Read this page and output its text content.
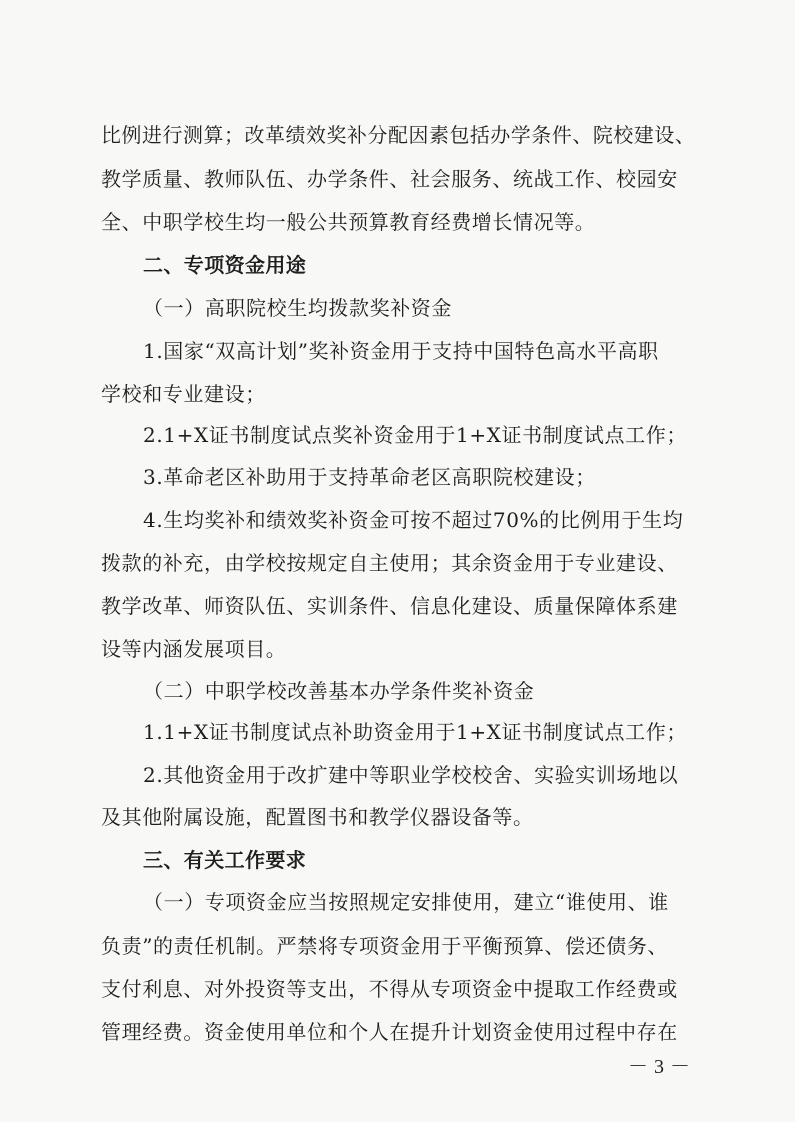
比例进行测算；改革绩效奖补分配因素包括办学条件、院校建设、
教学质量、教师队伍、办学条件、社会服务、统战工作、校园安
全、中职学校生均一般公共预算教育经费增长情况等。
二、专项资金用途
（一）高职院校生均拨款奖补资金
1.国家“双高计划”奖补资金用于支持中国特色高水平高职
学校和专业建设；
2.1+X证书制度试点奖补资金用于1+X证书制度试点工作；
3.革命老区补助用于支持革命老区高职院校建设；
4.生均奖补和绩效奖补资金可按不超过70%的比例用于生均
拨款的补充，由学校按规定自主使用；其余资金用于专业建设、
教学改革、师资队伍、实训条件、信息化建设、质量保障体系建
设等内涵发展项目。
（二）中职学校改善基本办学条件奖补资金
1.1+X证书制度试点补助资金用于1+X证书制度试点工作；
2.其他资金用于改扩建中等职业学校校舍、实验实训场地以
及其他附属设施，配置图书和教学仪器设备等。
三、有关工作要求
（一）专项资金应当按照规定安排使用，建立“谁使用、谁
负责”的责任机制。严禁将专项资金用于平衡预算、偿还债务、
支付利息、对外投资等支出，不得从专项资金中提取工作经费或
管理经费。资金使用单位和个人在提升计划资金使用过程中存在
－3－
